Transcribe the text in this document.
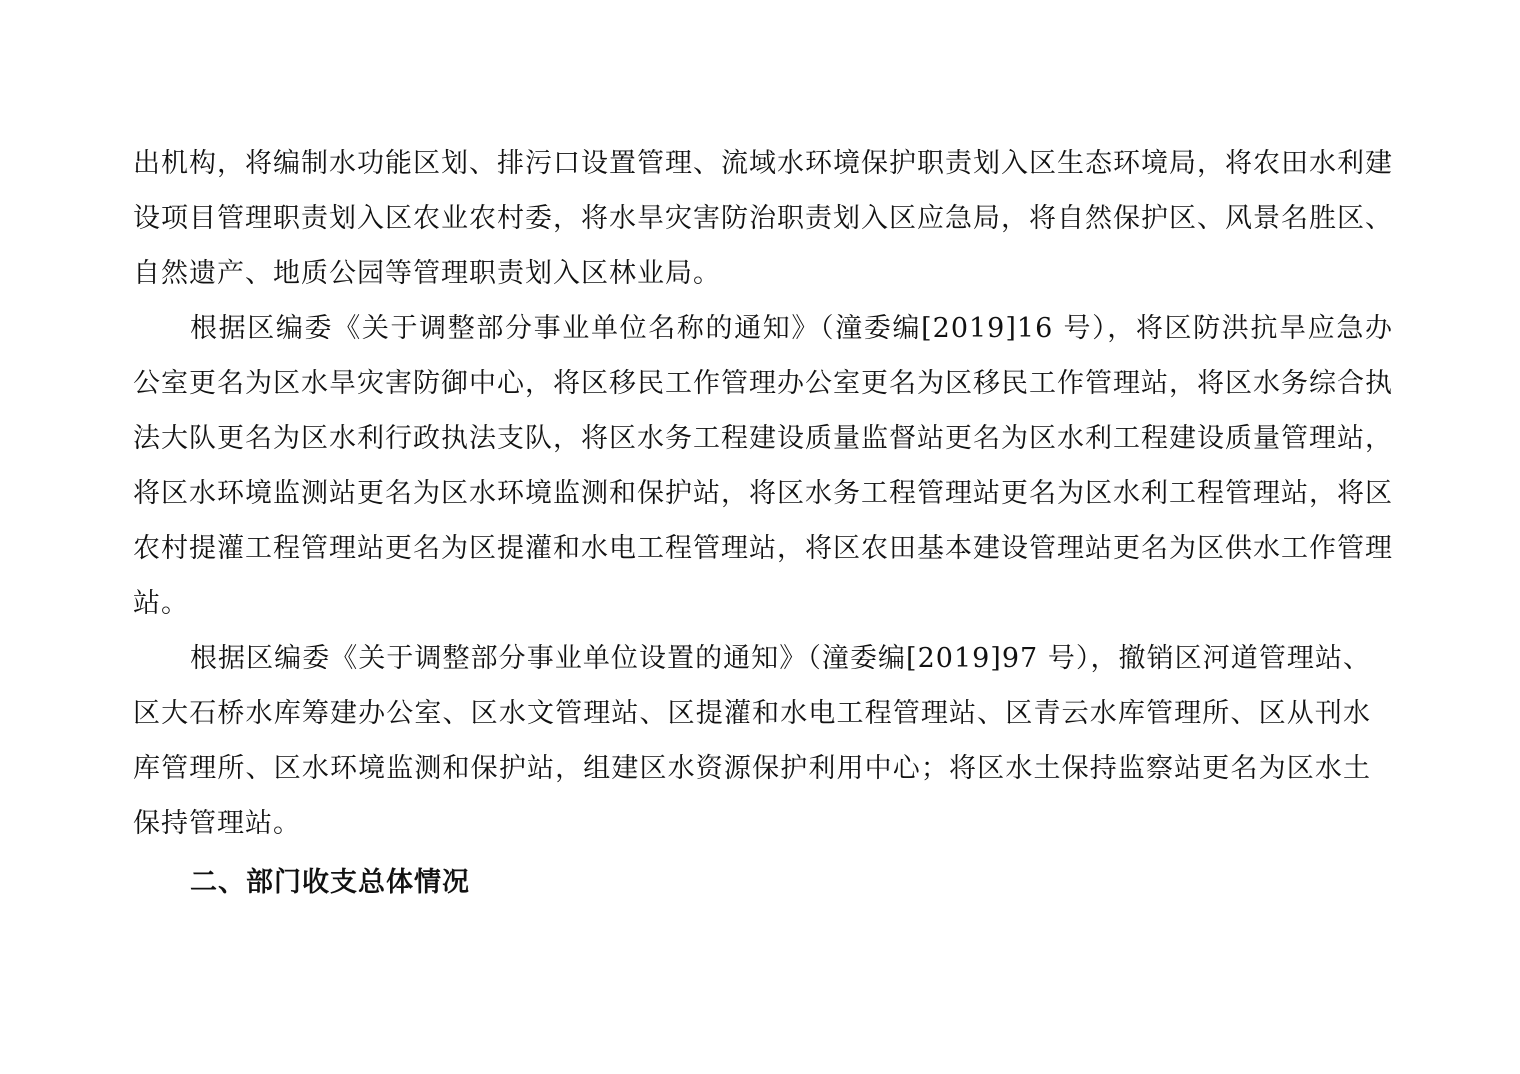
出机构，将编制水功能区划、排污口设置管理、流域水环境保护职责划入区生态环境局，将农田水利建设项目管理职责划入区农业农村委，将水旱灾害防治职责划入区应急局，将自然保护区、风景名胜区、自然遗产、地质公园等管理职责划入区林业局。

根据区编委《关于调整部分事业单位名称的通知》（潼委编[2019]16 号），将区防洪抗旱应急办公室更名为区水旱灾害防御中心，将区移民工作管理办公室更名为区移民工作管理站，将区水务综合执法大队更名为区水利行政执法支队，将区水务工程建设质量监督站更名为区水利工程建设质量管理站，将区水环境监测站更名为区水环境监测和保护站，将区水务工程管理站更名为区水利工程管理站，将区农村提灌工程管理站更名为区提灌和水电工程管理站，将区农田基本建设管理站更名为区供水工作管理站。

根据区编委《关于调整部分事业单位设置的通知》（潼委编[2019]97 号），撤销区河道管理站、区大石桥水库筹建办公室、区水文管理站、区提灌和水电工程管理站、区青云水库管理所、区从刊水库管理所、区水环境监测和保护站，组建区水资源保护利用中心；将区水土保持监察站更名为区水土保持管理站。

二、部门收支总体情况
